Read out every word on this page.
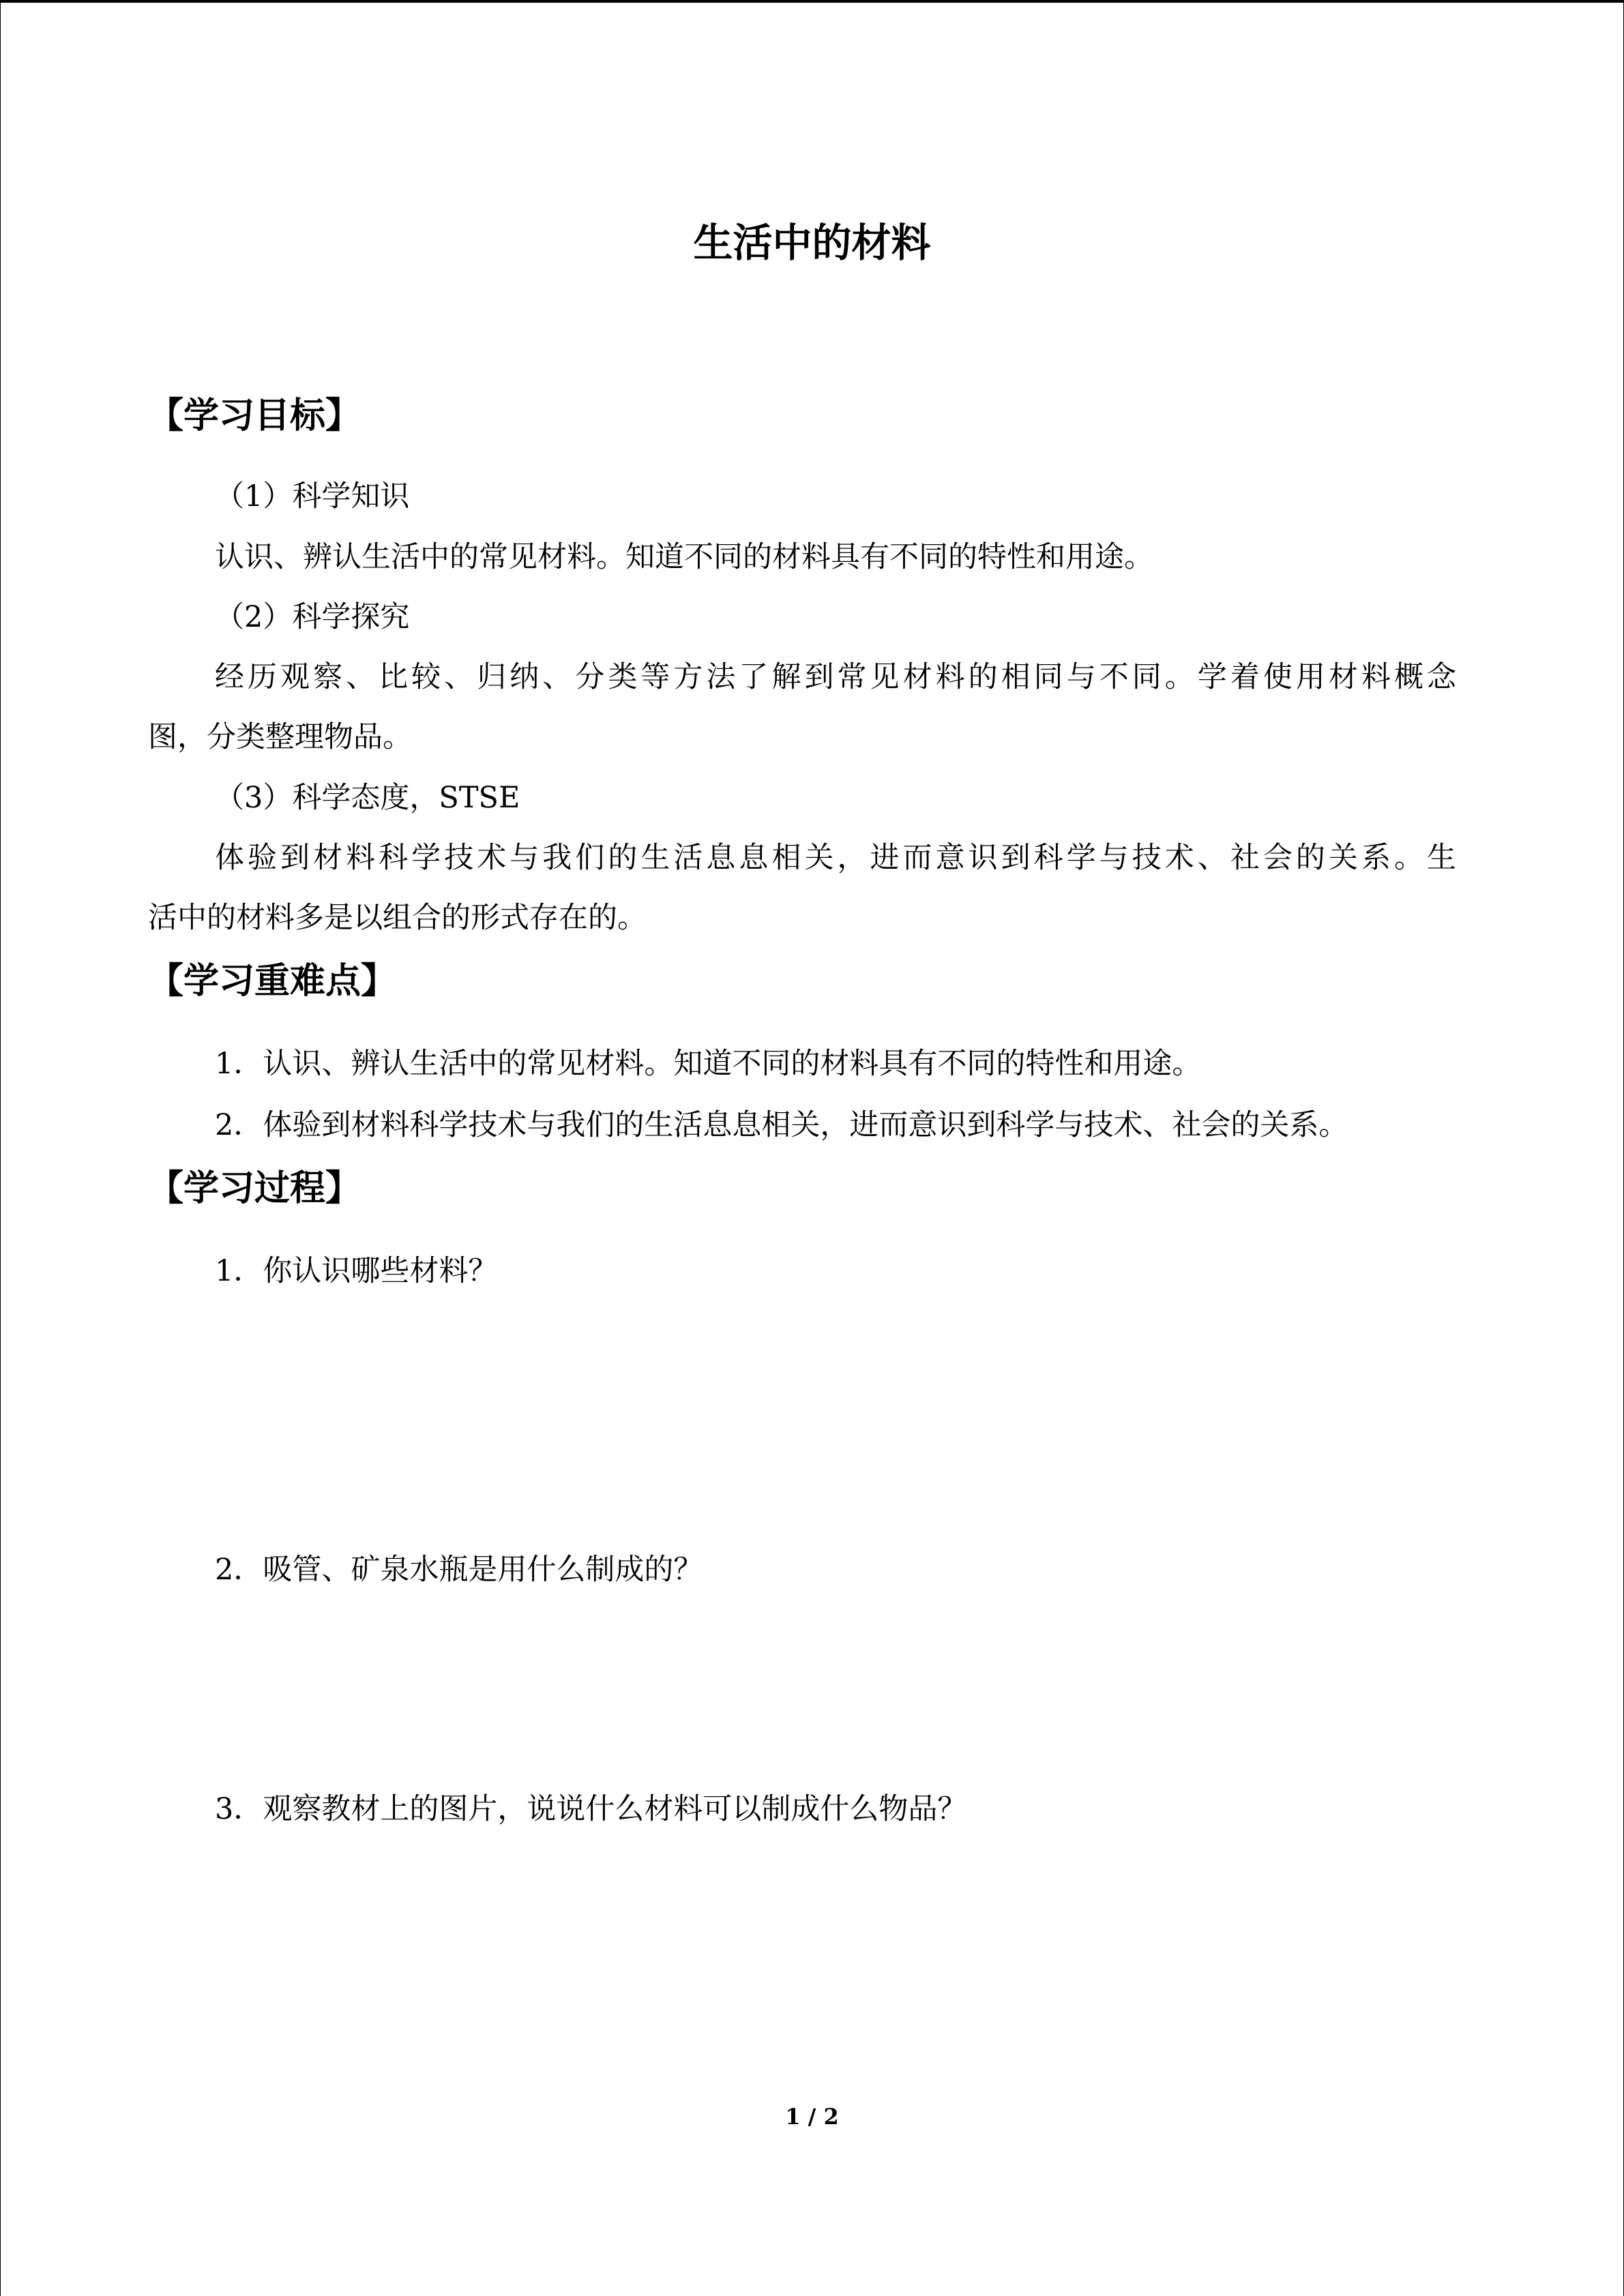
生活中的材料
【学习目标】

（1）科学知识

认识、辨认生活中的常见材料。知道不同的材料具有不同的特性和用途。

（2）科学探究

经历观察、比较、归纳、分类等方法了解到常见材料的相同与不同。学着使用材料概念

图，分类整理物品。

（3）科学态度，STSE

体验到材料科学技术与我们的生活息息相关，进而意识到科学与技术、社会的关系。生

活中的材料多是以组合的形式存在的。

【学习重难点】

1．认识、辨认生活中的常见材料。知道不同的材料具有不同的特性和用途。

2．体验到材料科学技术与我们的生活息息相关，进而意识到科学与技术、社会的关系。

【学习过程】

1．你认识哪些材料？

2．吸管、矿泉水瓶是用什么制成的？

3．观察教材上的图片，说说什么材料可以制成什么物品？

1 / 2
